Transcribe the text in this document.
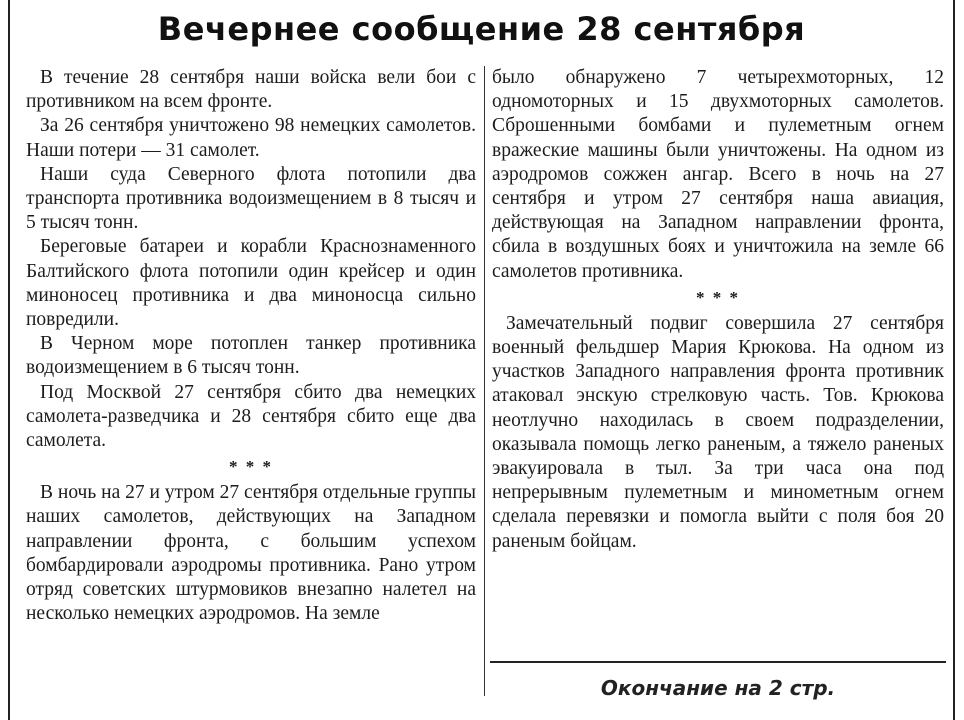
Вечернее сообщение 28 сентября

В течение 28 сентября наши войска вели бои с противником на всем фронте.

За 26 сентября уничтожено 98 немецких самолетов. Наши потери — 31 самолет.

Наши суда Северного флота потопили два транспорта противника водоизмещением в 8 тысяч и 5 тысяч тонн.

Береговые батареи и корабли Краснознаменного Балтийского флота потопили один крейсер и один миноносец противника и два миноносца сильно повредили.

В Черном море потоплен танкер противника водоизмещением в 6 тысяч тонн.

Под Москвой 27 сентября сбито два немецких самолета-разведчика и 28 сентября сбито еще два самолета.

* * *

В ночь на 27 и утром 27 сентября отдельные группы наших самолетов, действующих на Западном направлении фронта, с большим успехом бомбардировали аэродромы противника. Рано утром отряд советских штурмовиков внезапно налетел на несколько немецких аэродромов. На земле

было обнаружено 7 четырехмоторных, 12 одномоторных и 15 двухмоторных самолетов. Сброшенными бомбами и пулеметным огнем вражеские машины были уничтожены. На одном из аэродромов сожжен ангар. Всего в ночь на 27 сентября и утром 27 сентября наша авиация, действующая на Западном направлении фронта, сбила в воздушных боях и уничтожила на земле 66 самолетов противника.

* * *

Замечательный подвиг совершила 27 сентября военный фельдшер Мария Крюкова. На одном из участков Западного направления фронта противник атаковал энскую стрелковую часть. Тов. Крюкова неотлучно находилась в своем подразделении, оказывала помощь легко раненым, а тяжело раненых эвакуировала в тыл. За три часа она под непрерывным пулеметным и минометным огнем сделала перевязки и помогла выйти с поля боя 20 раненым бойцам.

Окончание на 2 стр.
